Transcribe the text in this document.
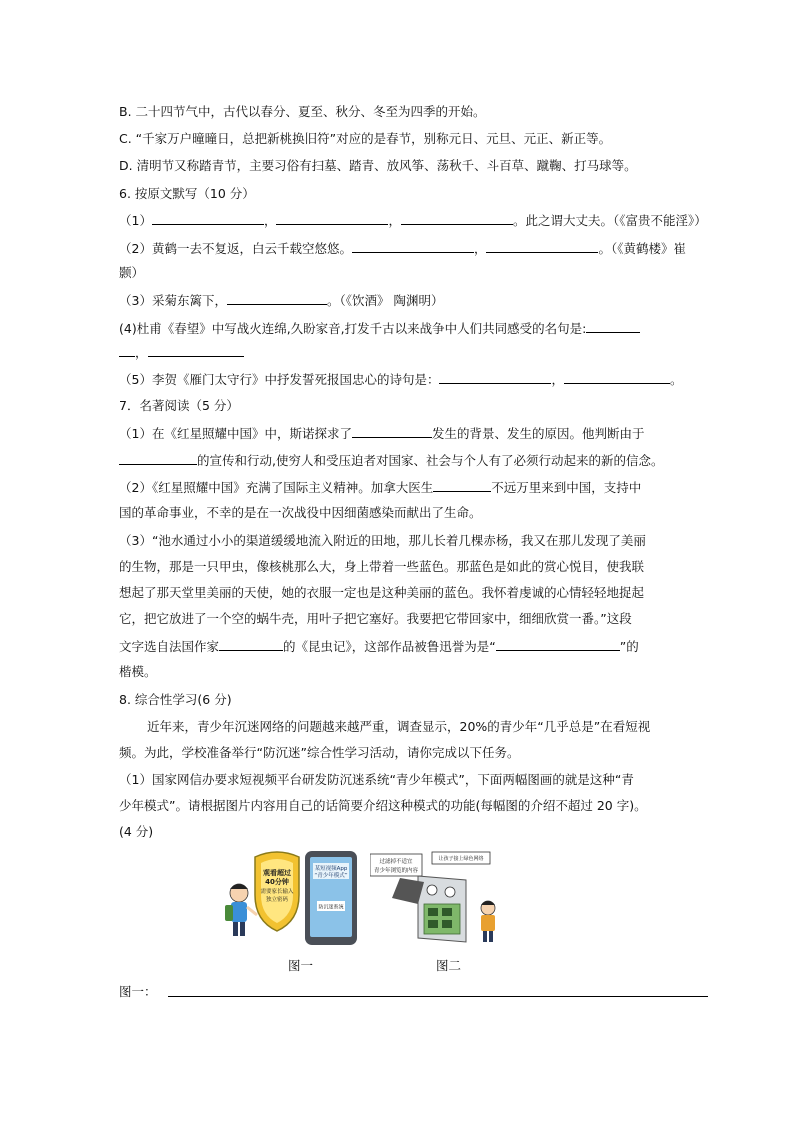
B. 二十四节气中，古代以春分、夏至、秋分、冬至为四季的开始。
C. “千家万户曈曈日，总把新桃换旧符”对应的是春节，别称元日、元旦、元正、新正等。
D. 清明节又称踏青节，主要习俗有扫墓、踏青、放风筝、荡秋千、斗百草、蹴鞠、打马球等。
6. 按原文默写（10 分）
（1）	，	，	。此之谓大丈夫。（《富贵不能淫》）
（2）黄鹤一去不复返，白云千载空悠悠。	，	。（《黄鹤楼》崔
颢）
（3）采菊东篱下，	。（《饮酒》 陶渊明）
(4)杜甫《春望》中写战火连绵,久盼家音,打发千古以来战争中人们共同感受的名句是:
，
（5）李贺《雁门太守行》中抒发誓死报国忠心的诗句是：	，	。
7．名著阅读（5 分）
（1）在《红星照耀中国》中，斯诺探求了	发生的背景、发生的原因。他判断由于
的宣传和行动,使穷人和受压迫者对国家、社会与个人有了必须行动起来的新的信念。
（2）《红星照耀中国》充满了国际主义精神。加拿大医生	不远万里来到中国，支持中
国的革命事业，不幸的是在一次战役中因细菌感染而献出了生命。
（3）“池水通过小小的渠道缓缓地流入附近的田地，那儿长着几棵赤杨，我又在那儿发现了美丽
的生物，那是一只甲虫，像核桃那么大，身上带着一些蓝色。那蓝色是如此的赏心悦目，使我联
想起了那天堂里美丽的天使，她的衣服一定也是这种美丽的蓝色。我怀着虔诚的心情轻轻地捉起
它，把它放进了一个空的蜗牛壳，用叶子把它塞好。我要把它带回家中，细细欣赏一番。”这段
文字选自法国作家	的《昆虫记》，这部作品被鲁迅誉为是“	”的
楷模。
8. 综合性学习(6 分)
近年来，青少年沉迷网络的问题越来越严重，调查显示，20%的青少年“几乎总是”在看短视
频。为此，学校准备举行“防沉迷”综合性学习活动，请你完成以下任务。
（1）国家网信办要求短视频平台研发防沉迷系统“青少年模式”，下面两幅图画的就是这种“青
少年模式”。请根据图片内容用自己的话简要介绍这种模式的功能(每幅图的介绍不超过 20 字)。
(4 分)
某短视频App
“青少年模式”
防沉迷系统
观看超过
40分钟
需要家长输入
独立密码
过滤掉不适宜
青少年浏览的内容
让孩子接上绿色网络
图一	图二
图一：
